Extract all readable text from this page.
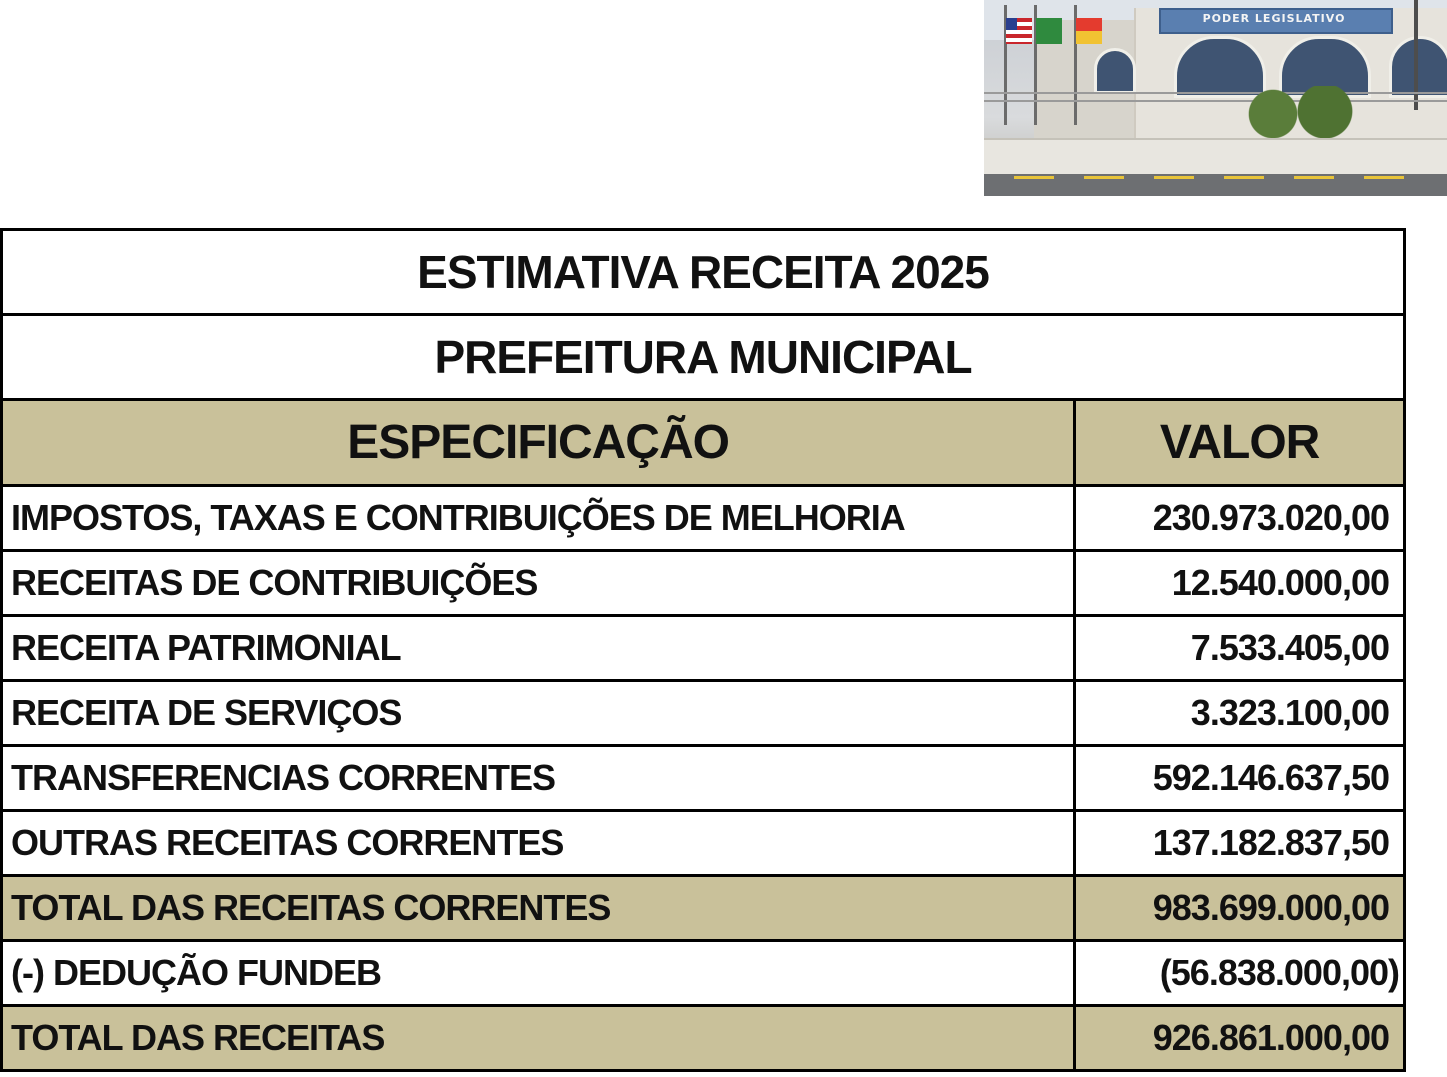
PODER LEGISLATIVO
ESTIMATIVA RECEITA 2025
PREFEITURA MUNICIPAL
ESPECIFICAÇÃO	VALOR
IMPOSTOS, TAXAS E CONTRIBUIÇÕES DE MELHORIA	230.973.020,00
RECEITAS DE CONTRIBUIÇÕES	12.540.000,00
RECEITA PATRIMONIAL	7.533.405,00
RECEITA DE SERVIÇOS	3.323.100,00
TRANSFERENCIAS CORRENTES	592.146.637,50
OUTRAS RECEITAS CORRENTES	137.182.837,50
TOTAL DAS RECEITAS CORRENTES	983.699.000,00
(-) DEDUÇÃO FUNDEB	(56.838.000,00)
TOTAL DAS RECEITAS	926.861.000,00
